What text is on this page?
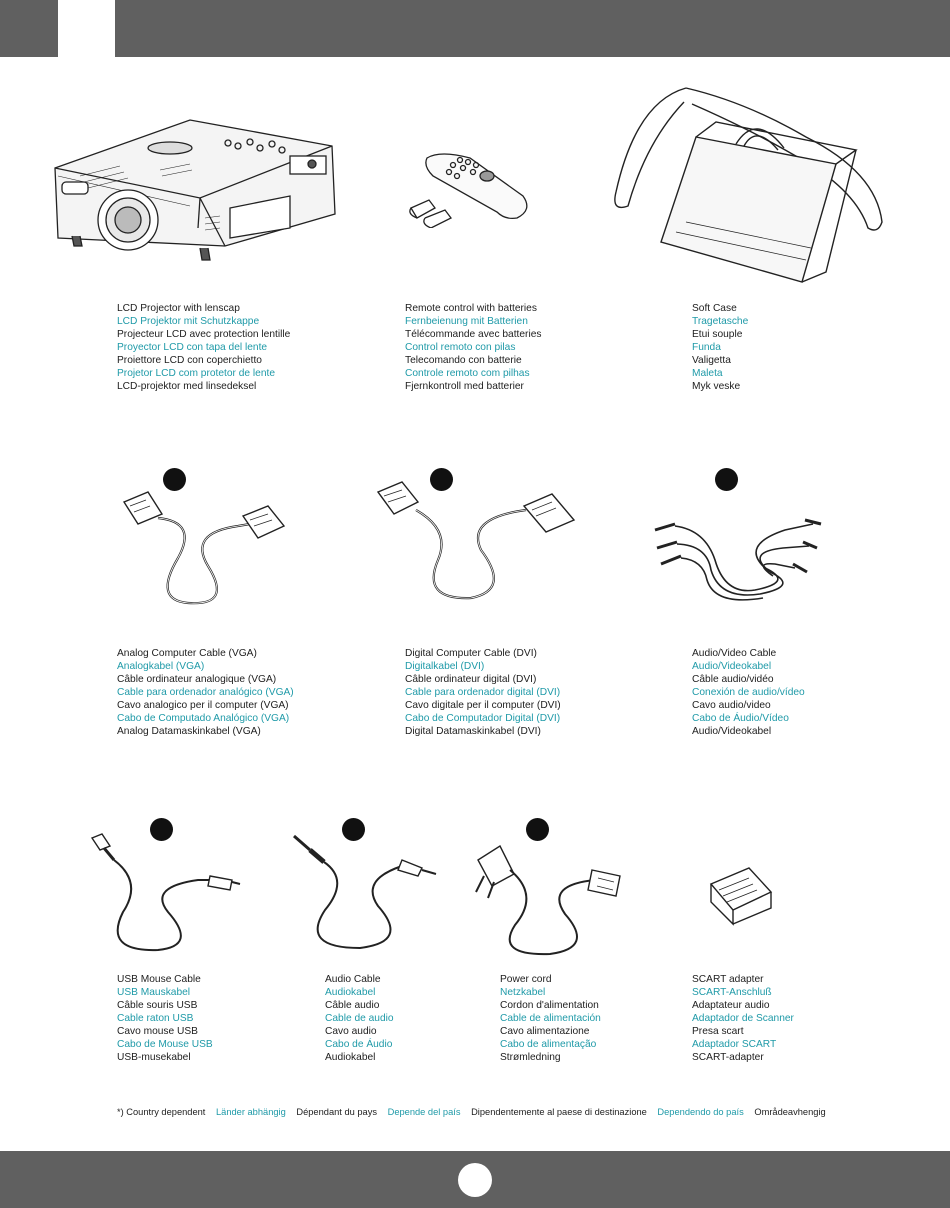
LCD Projector with lenscap
LCD Projektor mit Schutzkappe
Projecteur LCD avec protection lentille
Proyector LCD con tapa del lente
Proiettore LCD con coperchietto
Projetor LCD com protetor de lente
LCD-projektor med linsedeksel
Remote control with batteries
Fernbeienung mit Batterien
Télécommande avec batteries
Control remoto con pilas
Telecomando con batterie
Controle remoto com pilhas
Fjernkontroll med batterier
Soft Case
Tragetasche
Etui souple
Funda
Valigetta
Maleta
Myk veske
Analog Computer Cable (VGA)
Analogkabel (VGA)
Câble ordinateur analogique (VGA)
Cable para ordenador analógico (VGA)
Cavo analogico per il computer (VGA)
Cabo de Computado Analógico (VGA)
Analog Datamaskinkabel (VGA)
Digital Computer Cable (DVI)
Digitalkabel (DVI)
Câble ordinateur digital (DVI)
Cable para ordenador digital (DVI)
Cavo digitale per il computer (DVI)
Cabo de Computador Digital (DVI)
Digital Datamaskinkabel (DVI)
Audio/Video Cable
Audio/Videokabel
Câble audio/vidéo
Conexión de audio/vídeo
Cavo audio/video
Cabo de Áudio/Vídeo
Audio/Videokabel
USB Mouse Cable
USB Mauskabel
Câble souris USB
Cable raton USB
Cavo mouse USB
Cabo de Mouse USB
USB-musekabel
Audio Cable
Audiokabel
Câble audio
Cable de audio
Cavo audio
Cabo de Áudio
Audiokabel
Power cord
Netzkabel
Cordon d'alimentation
Cable de alimentación
Cavo alimentazione
Cabo de alimentação
Strømledning
SCART adapter
SCART-Anschluß
Adaptateur audio
Adaptador de Scanner
Presa scart
Adaptador SCART
SCART-adapter
*) Country dependent Länder abhängig Dépendant du pays Depende del país Dipendentemente al paese di destinazione Dependendo do país Områdeavhengig
